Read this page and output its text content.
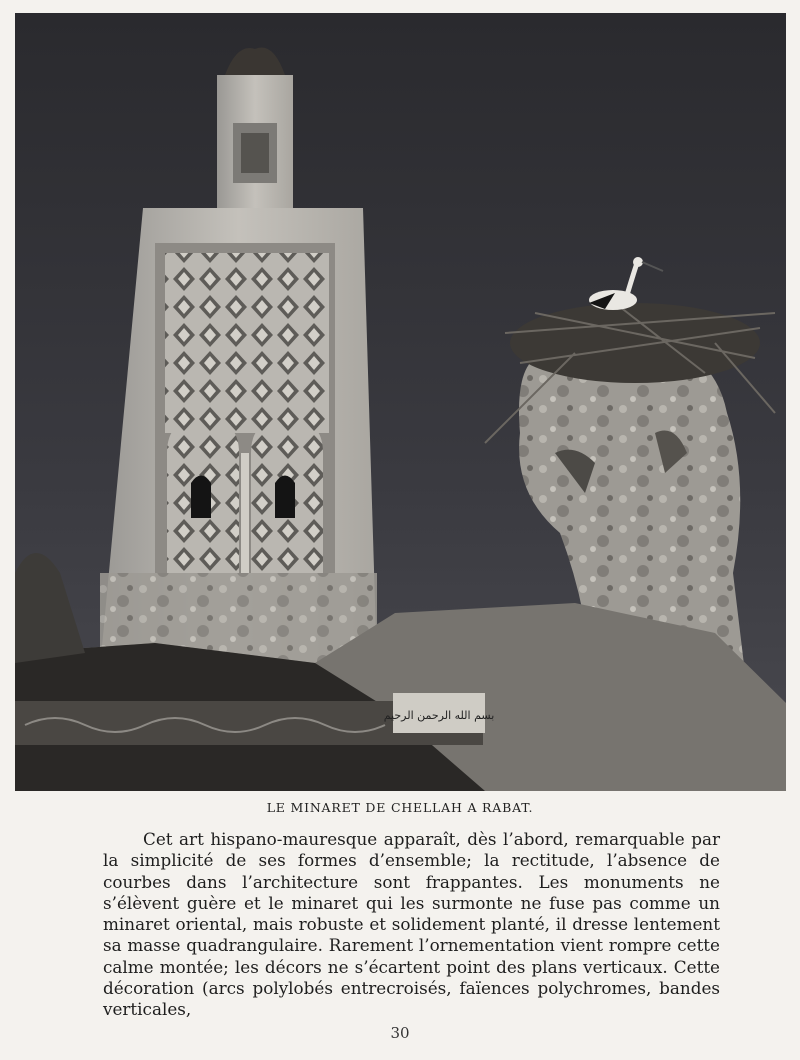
بسم الله الرحمن الرحيم
LE MINARET DE CHELLAH A RABAT.

Cet art hispano-mauresque apparaît, dès l’abord, remarquable par la simplicité de ses formes d’ensemble; la rectitude, l’absence de courbes dans l’architecture sont frappantes. Les monuments ne s’élèvent guère et le minaret qui les surmonte ne fuse pas comme un minaret oriental, mais robuste et solidement planté, il dresse lentement sa masse quadrangulaire. Rarement l’ornementation vient rompre cette calme montée; les décors ne s’écartent point des plans verticaux. Cette décoration (arcs polylobés entrecroisés, faïences polychromes, bandes verticales,

30
